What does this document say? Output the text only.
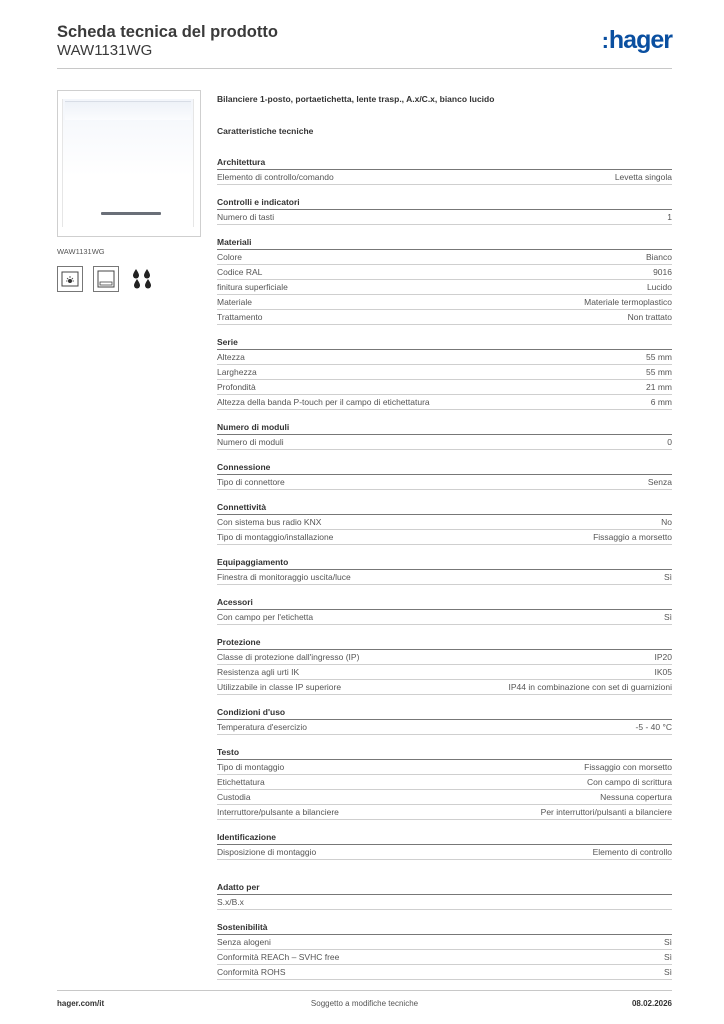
Scheda tecnica del prodotto
WAW1131WG	:hager
WAW1131WG
Bilanciere 1-posto, portaetichetta, lente trasp., A.x/C.x, bianco lucido
Caratteristiche tecniche
Architettura
Elemento di controllo/comando	Levetta singola
Controlli e indicatori
Numero di tasti	1
Materiali
Colore	Bianco
Codice RAL	9016
finitura superficiale	Lucido
Materiale	Materiale termoplastico
Trattamento	Non trattato
Serie
Altezza	55 mm
Larghezza	55 mm
Profondità	21 mm
Altezza della banda P-touch per il campo di etichettatura	6 mm
Numero di moduli
Numero di moduli	0
Connessione
Tipo di connettore	Senza
Connettività
Con sistema bus radio KNX	No
Tipo di montaggio/installazione	Fissaggio a morsetto
Equipaggiamento
Finestra di monitoraggio uscita/luce	Sì
Acessori
Con campo per l'etichetta	Sì
Protezione
Classe di protezione dall'ingresso (IP)	IP20
Resistenza agli urti IK	IK05
Utilizzabile in classe IP superiore	IP44 in combinazione con set di guarnizioni
Condizioni d'uso
Temperatura d'esercizio	-5 - 40 °C
Testo
Tipo di montaggio	Fissaggio con morsetto
Etichettatura	Con campo di scrittura
Custodia	Nessuna copertura
Interruttore/pulsante a bilanciere	Per interruttori/pulsanti a bilanciere
Identificazione
Disposizione di montaggio	Elemento di controllo
Adatto per
S.x/B.x
Sostenibilità
Senza alogeni	Sì
Conformità REACh – SVHC free	Sì
Conformità ROHS	Sì
hager.com/it	Soggetto a modifiche tecniche	08.02.2026
